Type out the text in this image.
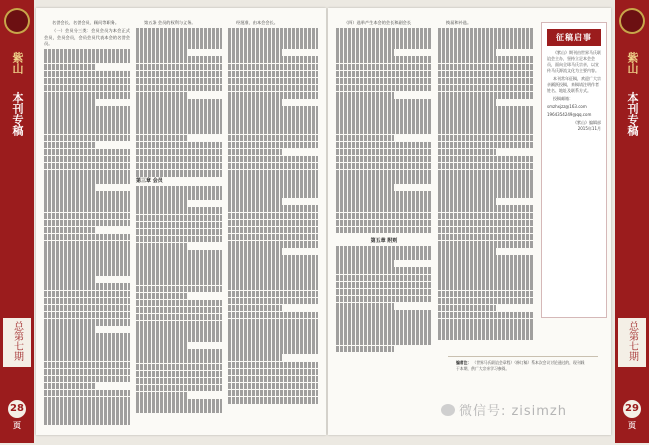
紫山
本刊专稿
总第七期
28
页
紫山
本刊专稿
总第七期
29
页

名誉会长、名誉会员、顾问等职务。

（一）会员分三类：会员会员为本会正式会员，会员会员，会员会员代表本会的名誉会员。

第五条 会员的权利与义务。

第三章 会员

经批准、由本会会长。	（四）选举产生本会的会长和副会长

第五章 附则

换届和补选。

征稿启事

《紫山》期刊由世界马氏联谊会主办，坚持立足本会会员，面向全球马氏宗亲，以宣传马氏源流文化为主要内容。

本刊常年征稿，欢迎广大宗亲踊跃投稿，来稿请注明作者姓名、地址及联系方式。

投稿邮箱：

smzhxjzz@163.com

1964354249@qq.com

《紫山》编辑部
2015年11月
编者注： （世界马氏联谊会章程）（修订稿）系本次会议讨论通过的，现刊载于本期，供广大宗亲学习参阅。
微信号: zisimzh
